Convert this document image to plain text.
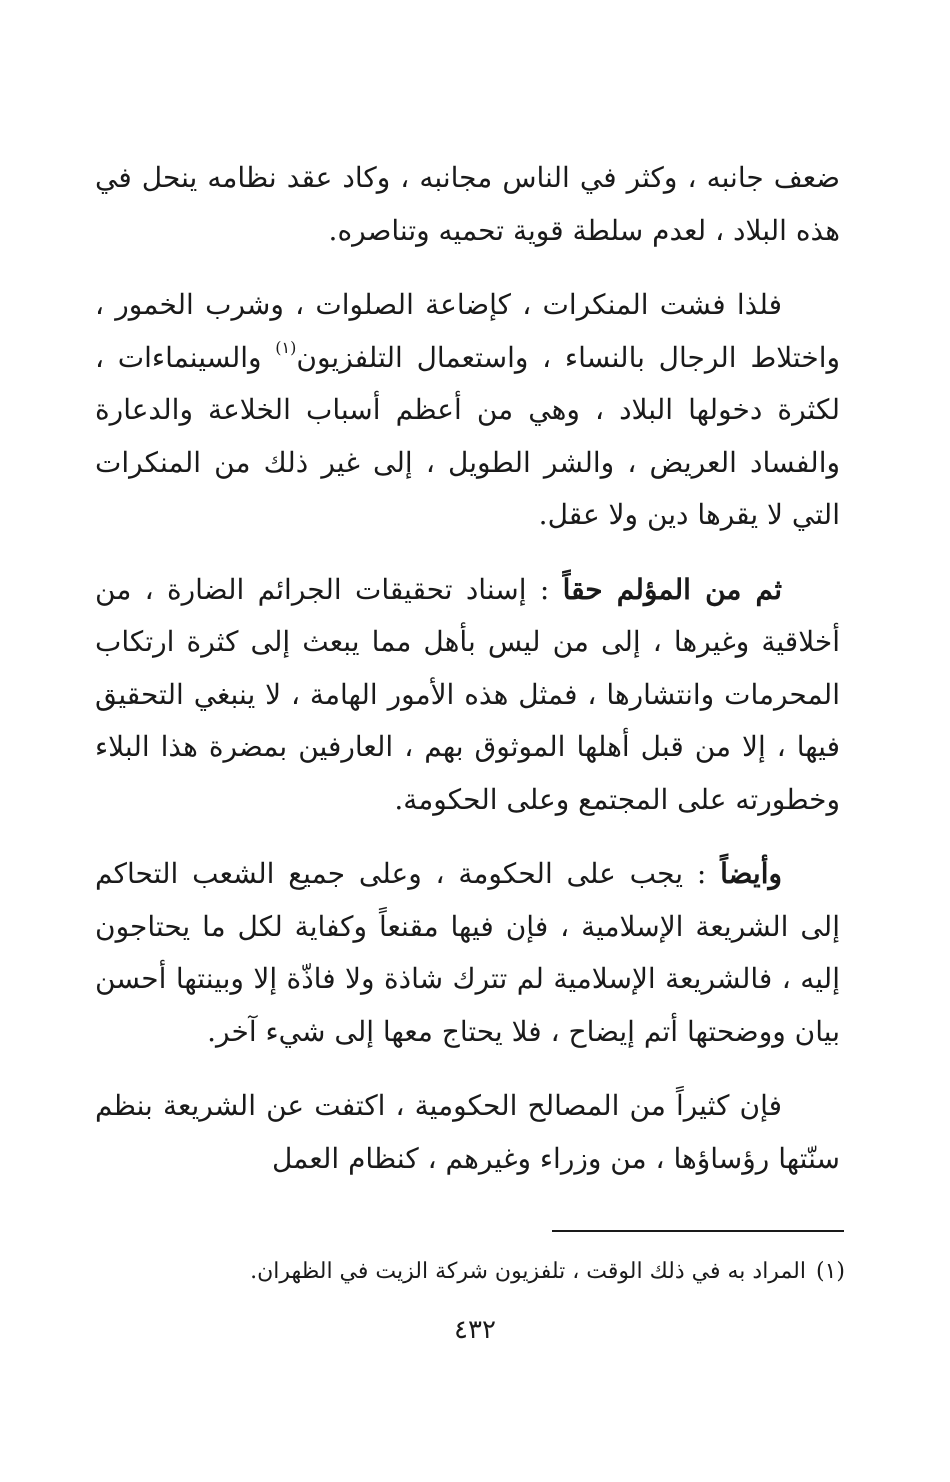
ضعف جانبه ، وكثر في الناس مجانبه ، وكاد عقد نظامه ينحل في هذه البلاد ، لعدم سلطة قوية تحميه وتناصره.

فلذا فشت المنكرات ، كإضاعة الصلوات ، وشرب الخمور ، واختلاط الرجال بالنساء ، واستعمال التلفزيون$^{(١)}$ والسينماءات ، لكثرة دخولها البلاد ، وهي من أعظم أسباب الخلاعة والدعارة والفساد العريض ، والشر الطويل ، إلى غير ذلك من المنكرات التي لا يقرها دين ولا عقل.

ثم من المؤلم حقاً : إسناد تحقيقات الجرائم الضارة ، من أخلاقية وغيرها ، إلى من ليس بأهل مما يبعث إلى كثرة ارتكاب المحرمات وانتشارها ، فمثل هذه الأمور الهامة ، لا ينبغي التحقيق فيها ، إلا من قبل أهلها الموثوق بهم ، العارفين بمضرة هذا البلاء وخطورته على المجتمع وعلى الحكومة.

وأيضاً : يجب على الحكومة ، وعلى جميع الشعب التحاكم إلى الشريعة الإسلامية ، فإن فيها مقنعاً وكفاية لكل ما يحتاجون إليه ، فالشريعة الإسلامية لم تترك شاذة ولا فاذّة إلا وبينتها أحسن بيان ووضحتها أتم إيضاح ، فلا يحتاج معها إلى شيء آخر.

فإن كثيراً من المصالح الحكومية ، اكتفت عن الشريعة بنظم سنّتها رؤساؤها ، من وزراء وغيرهم ، كنظام العمل

(١)المراد به في ذلك الوقت ، تلفزيون شركة الزيت في الظهران.
٤٣٢
